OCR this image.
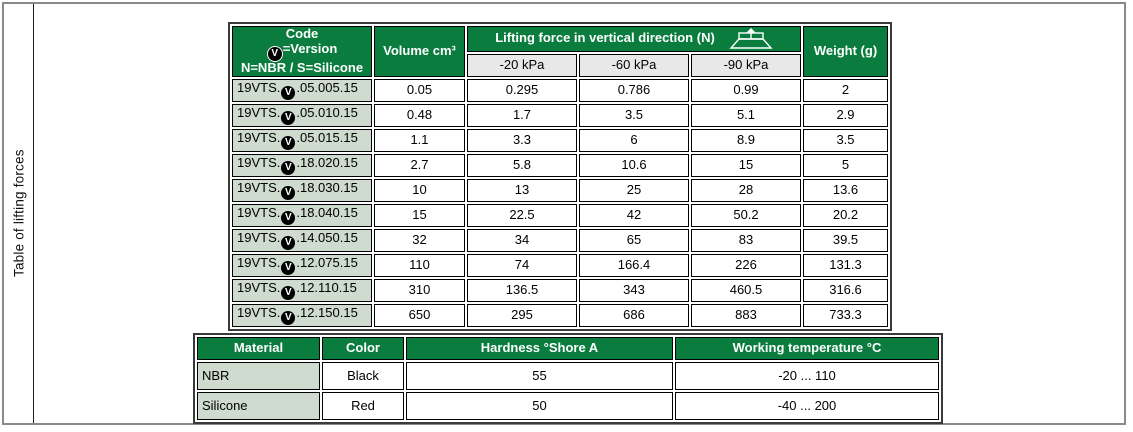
Table of lifting forces
Code
V =Version
N=NBR / S=Silicone	Volume cm³	Lifting force in vertical direction (N)			Weight (g)
		-20 kPa	-60 kPa	-90 kPa	
19VTS. V .05.005.15	0.05	0.295	0.786	0.99	2
19VTS. V .05.010.15	0.48	1.7	3.5	5.1	2.9
19VTS. V .05.015.15	1.1	3.3	6	8.9	3.5
19VTS. V .18.020.15	2.7	5.8	10.6	15	5
19VTS. V .18.030.15	10	13	25	28	13.6
19VTS. V .18.040.15	15	22.5	42	50.2	20.2
19VTS. V .14.050.15	32	34	65	83	39.5
19VTS. V .12.075.15	110	74	166.4	226	131.3
19VTS. V .12.110.15	310	136.5	343	460.5	316.6
19VTS. V .12.150.15	650	295	686	883	733.3
Material	Color	Hardness °Shore A	Working temperature °C
NBR	Black	55	-20 ... 110
Silicone	Red	50	-40 ... 200
